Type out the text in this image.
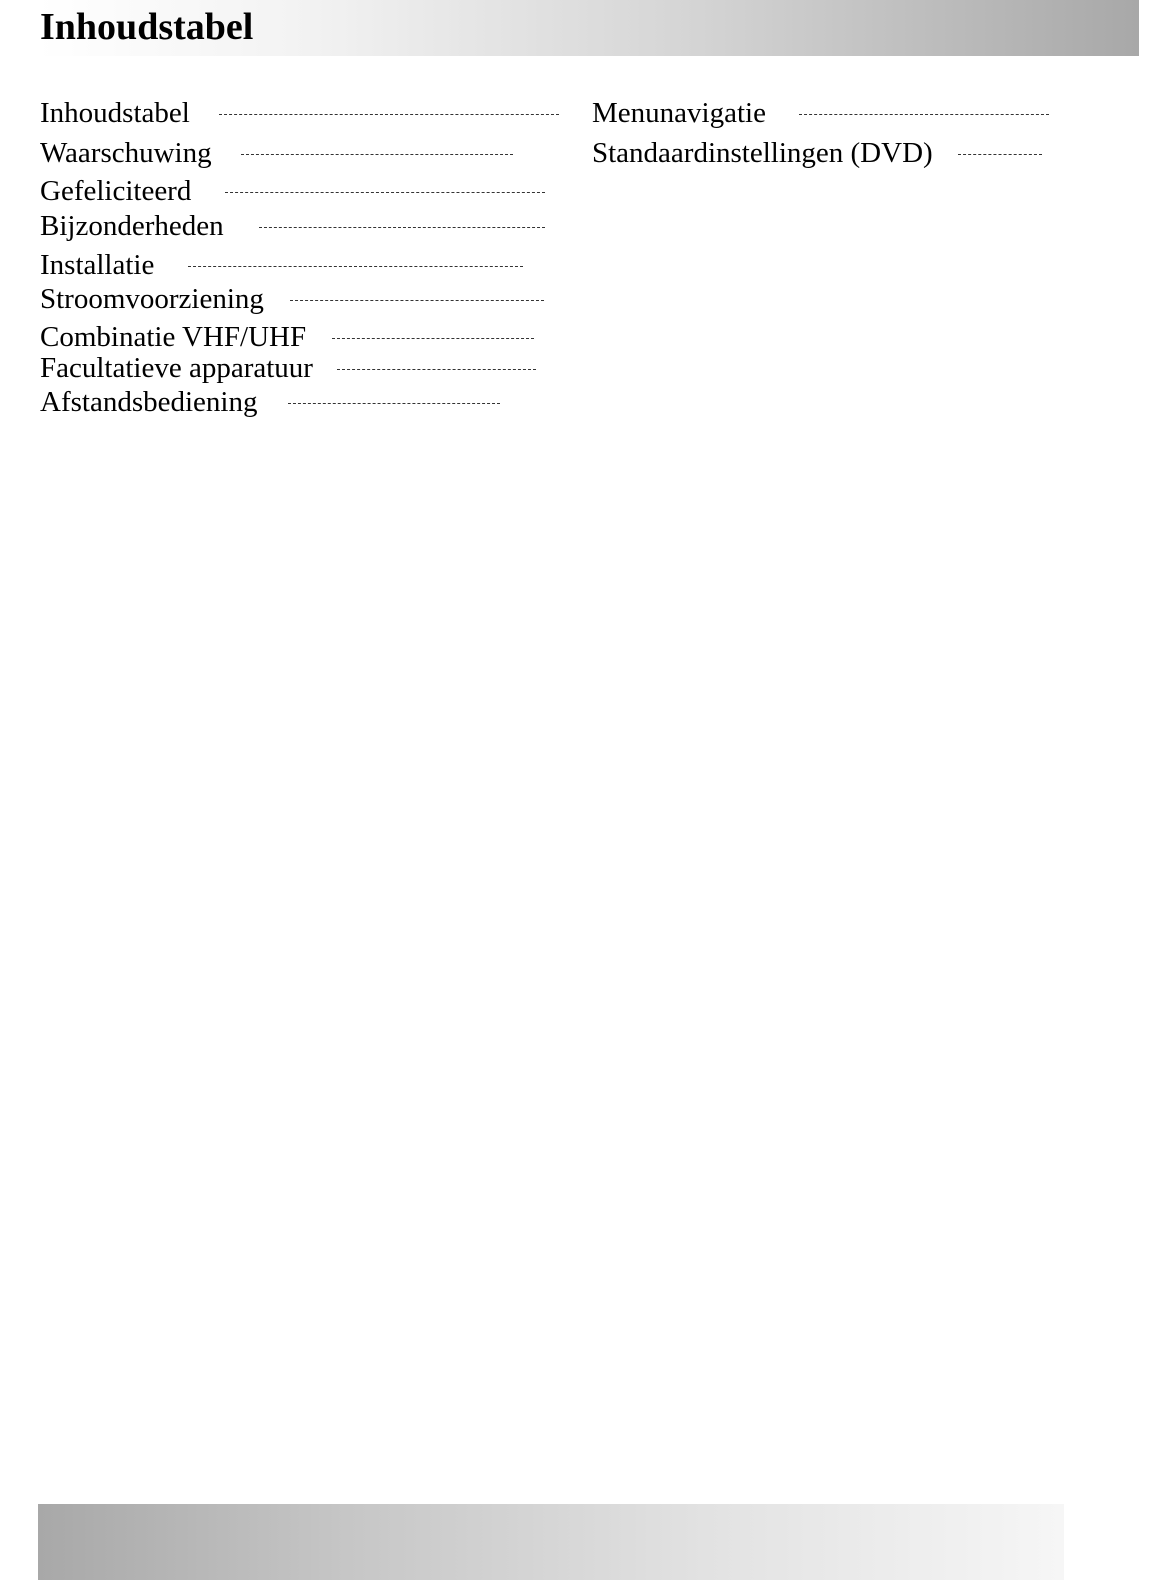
Inhoudstabel
Inhoudstabel
Waarschuwing
Gefeliciteerd
Bijzonderheden
Installatie
Stroomvoorziening
Combinatie VHF/UHF
Facultatieve apparatuur
Afstandsbediening
Menunavigatie
Standaardinstellingen (DVD)
